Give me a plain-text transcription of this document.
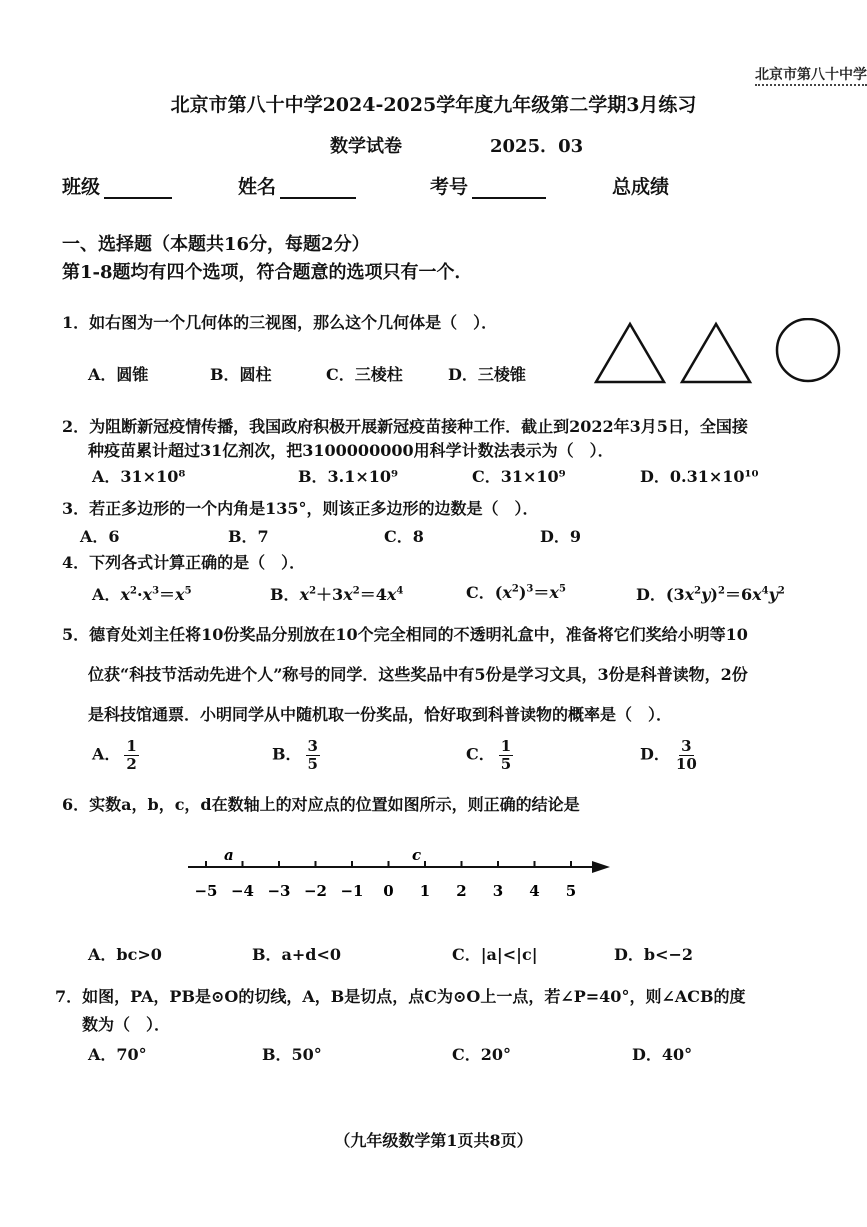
北京市第八十中学
北京市第八十中学2024-2025学年度九年级第二学期3月练习
数学试卷	2025．03
班级	姓名	考号	总成绩
一、选择题（本题共16分，每题2分）
第1-8题均有四个选项，符合题意的选项只有一个．
1．如右图为一个几何体的三视图，那么这个几何体是（　）．
A．圆锥	B．圆柱	C．三棱柱	D．三棱锥
2．为阻断新冠疫情传播，我国政府积极开展新冠疫苗接种工作．截止到2022年3月5日，全国接
种疫苗累计超过31亿剂次，把3100000000用科学计数法表示为（　）．
A．31×10⁸	B．3.1×10⁹	C．31×10⁹	D．0.31×10¹⁰
3．若正多边形的一个内角是135°，则该正多边形的边数是（　）．
A．6	B．7	C．8	D．9
4．下列各式计算正确的是（　）．
A．$x^2\cdot x^3=x^5$	B．$x^2+3x^2=4x^4$	C．$(x^2)^3=x^5$	D．$(3x^2y)^2=6x^4y^2$
5．德育处刘主任将10份奖品分别放在10个完全相同的不透明礼盒中，准备将它们奖给小明等10
位获“科技节活动先进个人”称号的同学．这些奖品中有5份是学习文具，3份是科普读物，2份
是科技馆通票．小明同学从中随机取一份奖品，恰好取到科普读物的概率是（　）．
A． $\frac{1}{2}$	B． $\frac{3}{5}$	C． $\frac{1}{5}$	D． $\frac{3}{10}$
6．实数a，b，c，d在数轴上的对应点的位置如图所示，则正确的结论是
−5 −4 −3 −2 −1 0 1 2 3 4 5
a	c
A．bc>0	B．a+d<0	C．|a|<|c|	D．b<−2
7．如图，PA，PB是⊙O的切线，A，B是切点，点C为⊙O上一点，若∠P=40°，则∠ACB的度
数为（　）．
A．70°	B．50°	C．20°	D．40°
（九年级数学第1页共8页）
